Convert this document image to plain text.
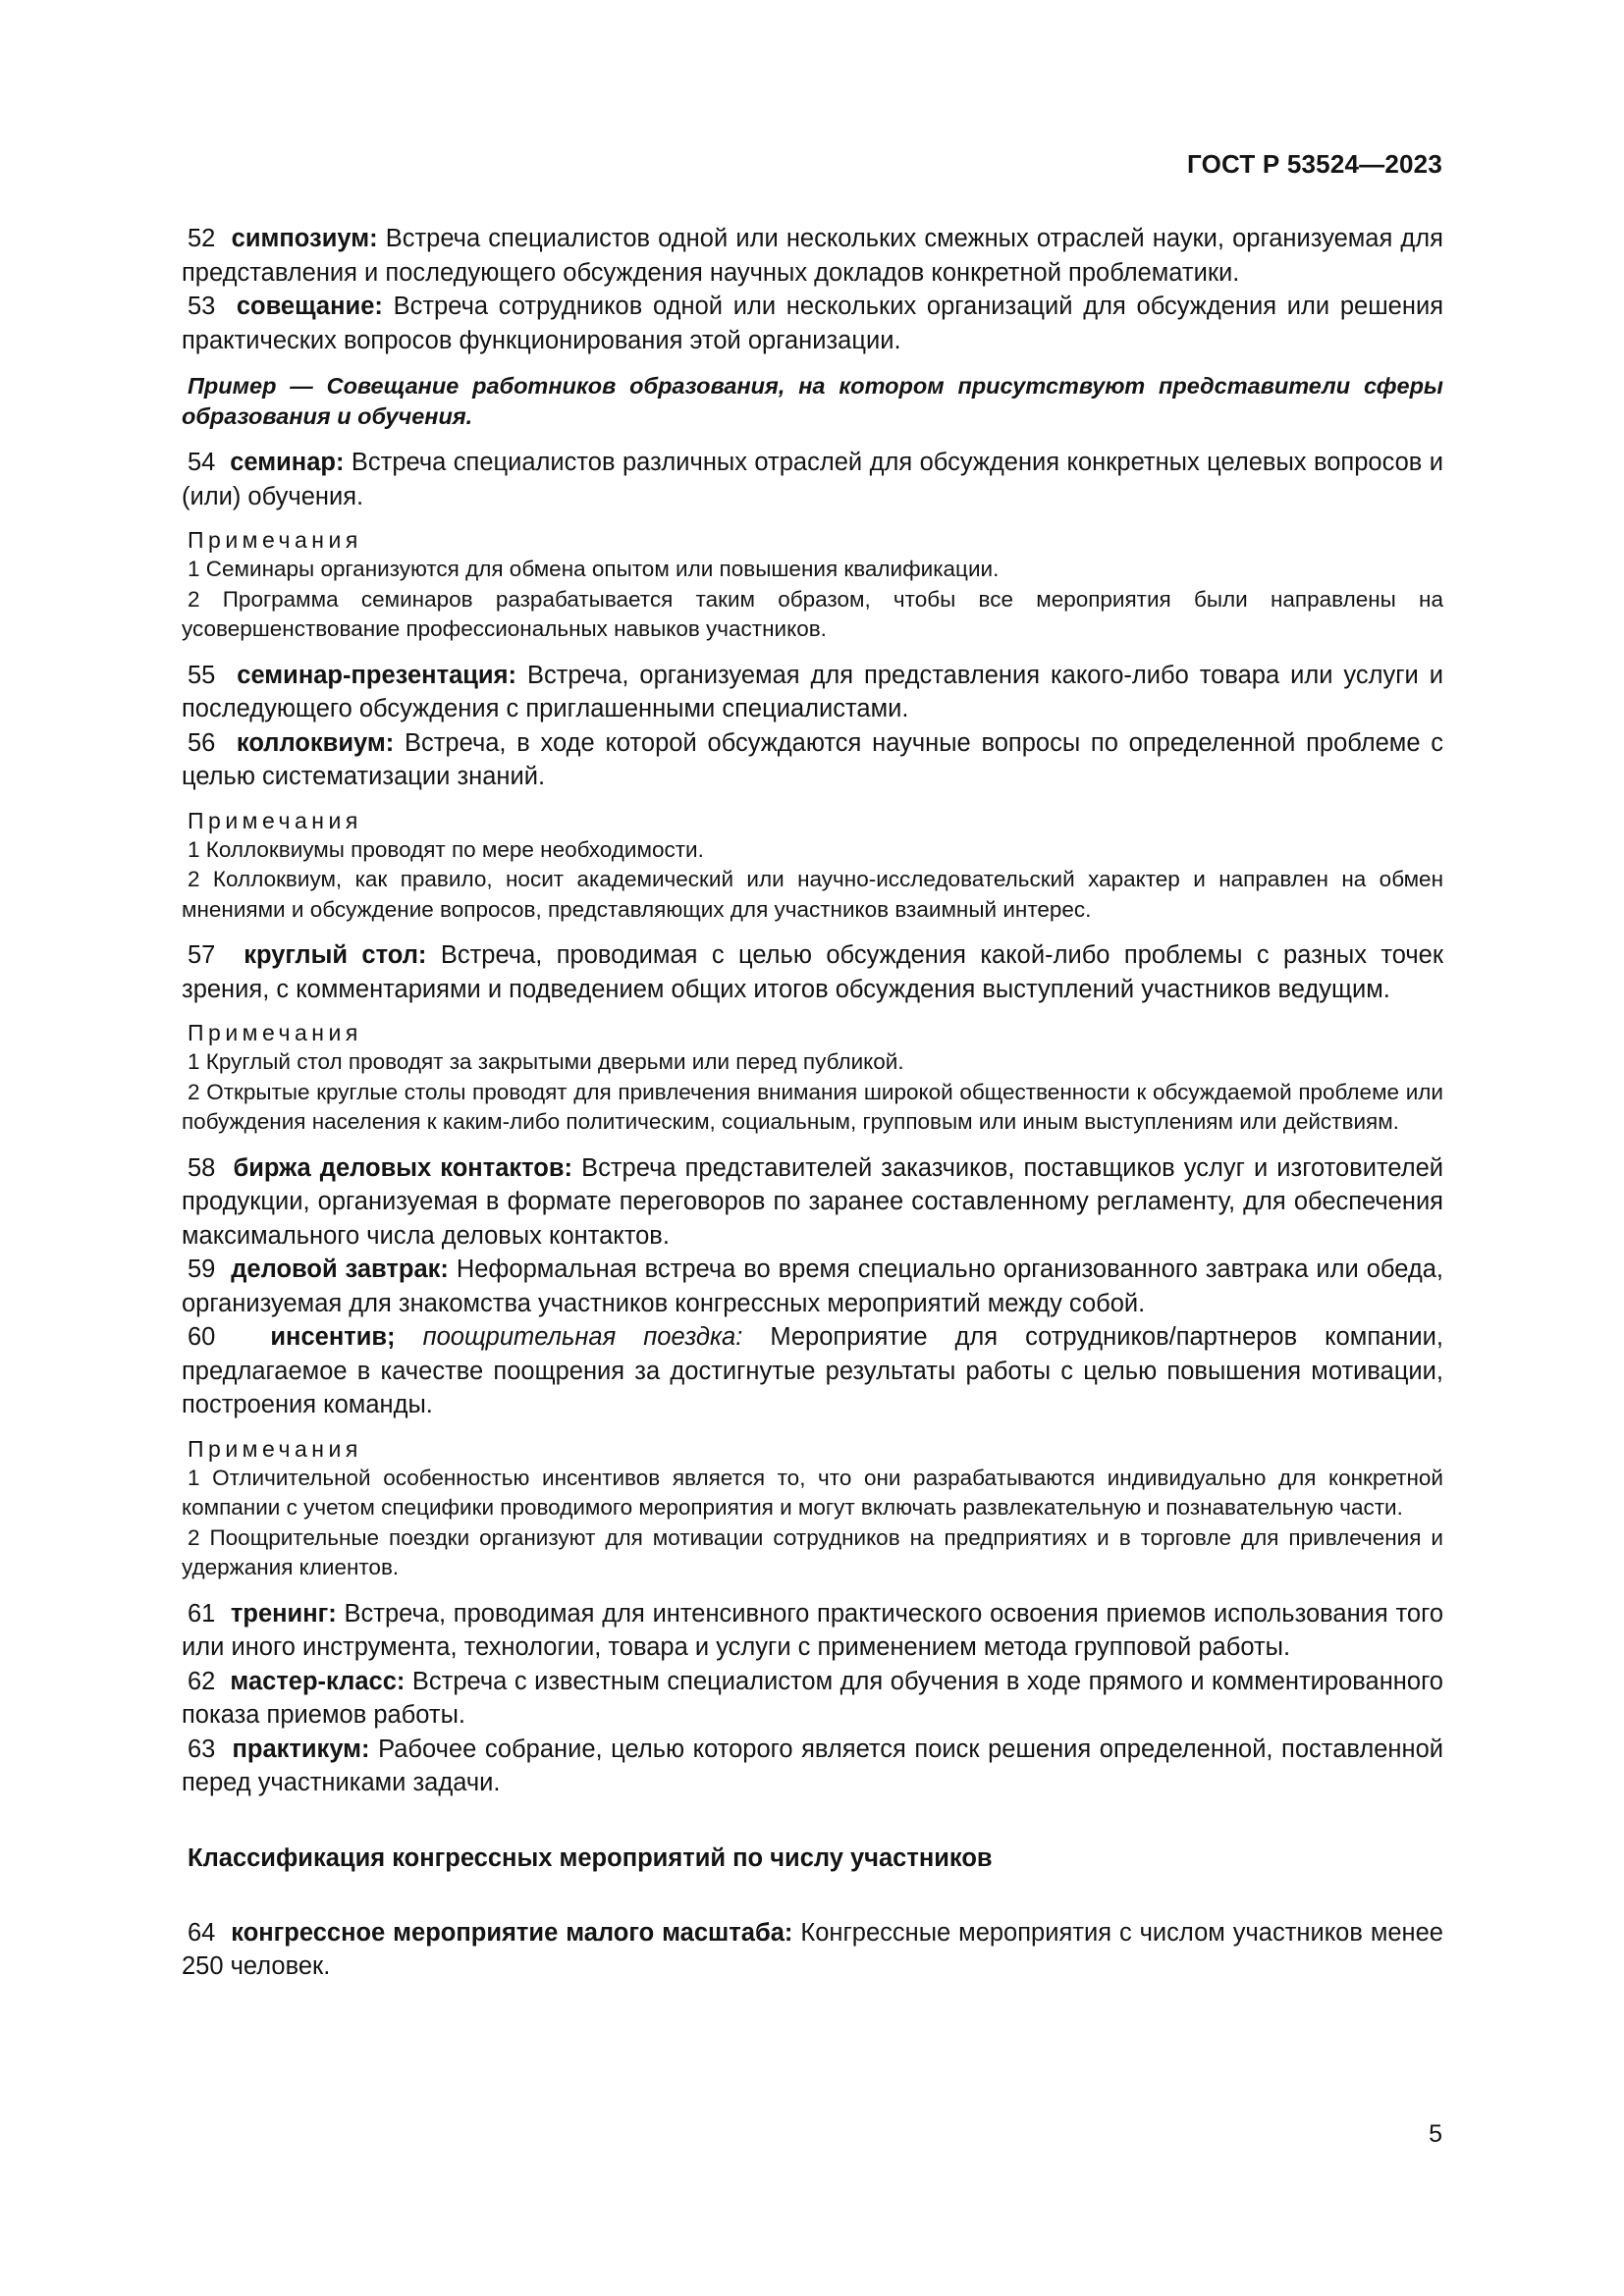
ГОСТ Р 53524—2023

52 симпозиум: Встреча специалистов одной или нескольких смежных отраслей науки, организуемая для представления и последующего обсуждения научных докладов конкретной проблематики.

53 совещание: Встреча сотрудников одной или нескольких организаций для обсуждения или решения практических вопросов функционирования этой организации.

Пример — Совещание работников образования, на котором присутствуют представители сферы образования и обучения.

54 семинар: Встреча специалистов различных отраслей для обсуждения конкретных целевых вопросов и (или) обучения.

Примечания

1 Семинары организуются для обмена опытом или повышения квалификации.

2 Программа семинаров разрабатывается таким образом, чтобы все мероприятия были направлены на усовершенствование профессиональных навыков участников.

55 семинар-презентация: Встреча, организуемая для представления какого-либо товара или услуги и последующего обсуждения с приглашенными специалистами.

56 коллоквиум: Встреча, в ходе которой обсуждаются научные вопросы по определенной проблеме с целью систематизации знаний.

Примечания

1 Коллоквиумы проводят по мере необходимости.

2 Коллоквиум, как правило, носит академический или научно-исследовательский характер и направлен на обмен мнениями и обсуждение вопросов, представляющих для участников взаимный интерес.

57 круглый стол: Встреча, проводимая с целью обсуждения какой-либо проблемы с разных точек зрения, с комментариями и подведением общих итогов обсуждения выступлений участников ведущим.

Примечания

1 Круглый стол проводят за закрытыми дверьми или перед публикой.

2 Открытые круглые столы проводят для привлечения внимания широкой общественности к обсуждаемой проблеме или побуждения населения к каким-либо политическим, социальным, групповым или иным выступлениям или действиям.

58 биржа деловых контактов: Встреча представителей заказчиков, поставщиков услуг и изготовителей продукции, организуемая в формате переговоров по заранее составленному регламенту, для обеспечения максимального числа деловых контактов.

59 деловой завтрак: Неформальная встреча во время специально организованного завтрака или обеда, организуемая для знакомства участников конгрессных мероприятий между собой.

60 инсентив; поощрительная поездка: Мероприятие для сотрудников/партнеров компании, предлагаемое в качестве поощрения за достигнутые результаты работы с целью повышения мотивации, построения команды.

Примечания

1 Отличительной особенностью инсентивов является то, что они разрабатываются индивидуально для конкретной компании с учетом специфики проводимого мероприятия и могут включать развлекательную и познавательную части.

2 Поощрительные поездки организуют для мотивации сотрудников на предприятиях и в торговле для привлечения и удержания клиентов.

61 тренинг: Встреча, проводимая для интенсивного практического освоения приемов использования того или иного инструмента, технологии, товара и услуги с применением метода групповой работы.

62 мастер-класс: Встреча с известным специалистом для обучения в ходе прямого и комментированного показа приемов работы.

63 практикум: Рабочее собрание, целью которого является поиск решения определенной, поставленной перед участниками задачи.

Классификация конгрессных мероприятий по числу участников

64 конгрессное мероприятие малого масштаба: Конгрессные мероприятия с числом участников менее 250 человек.

5
